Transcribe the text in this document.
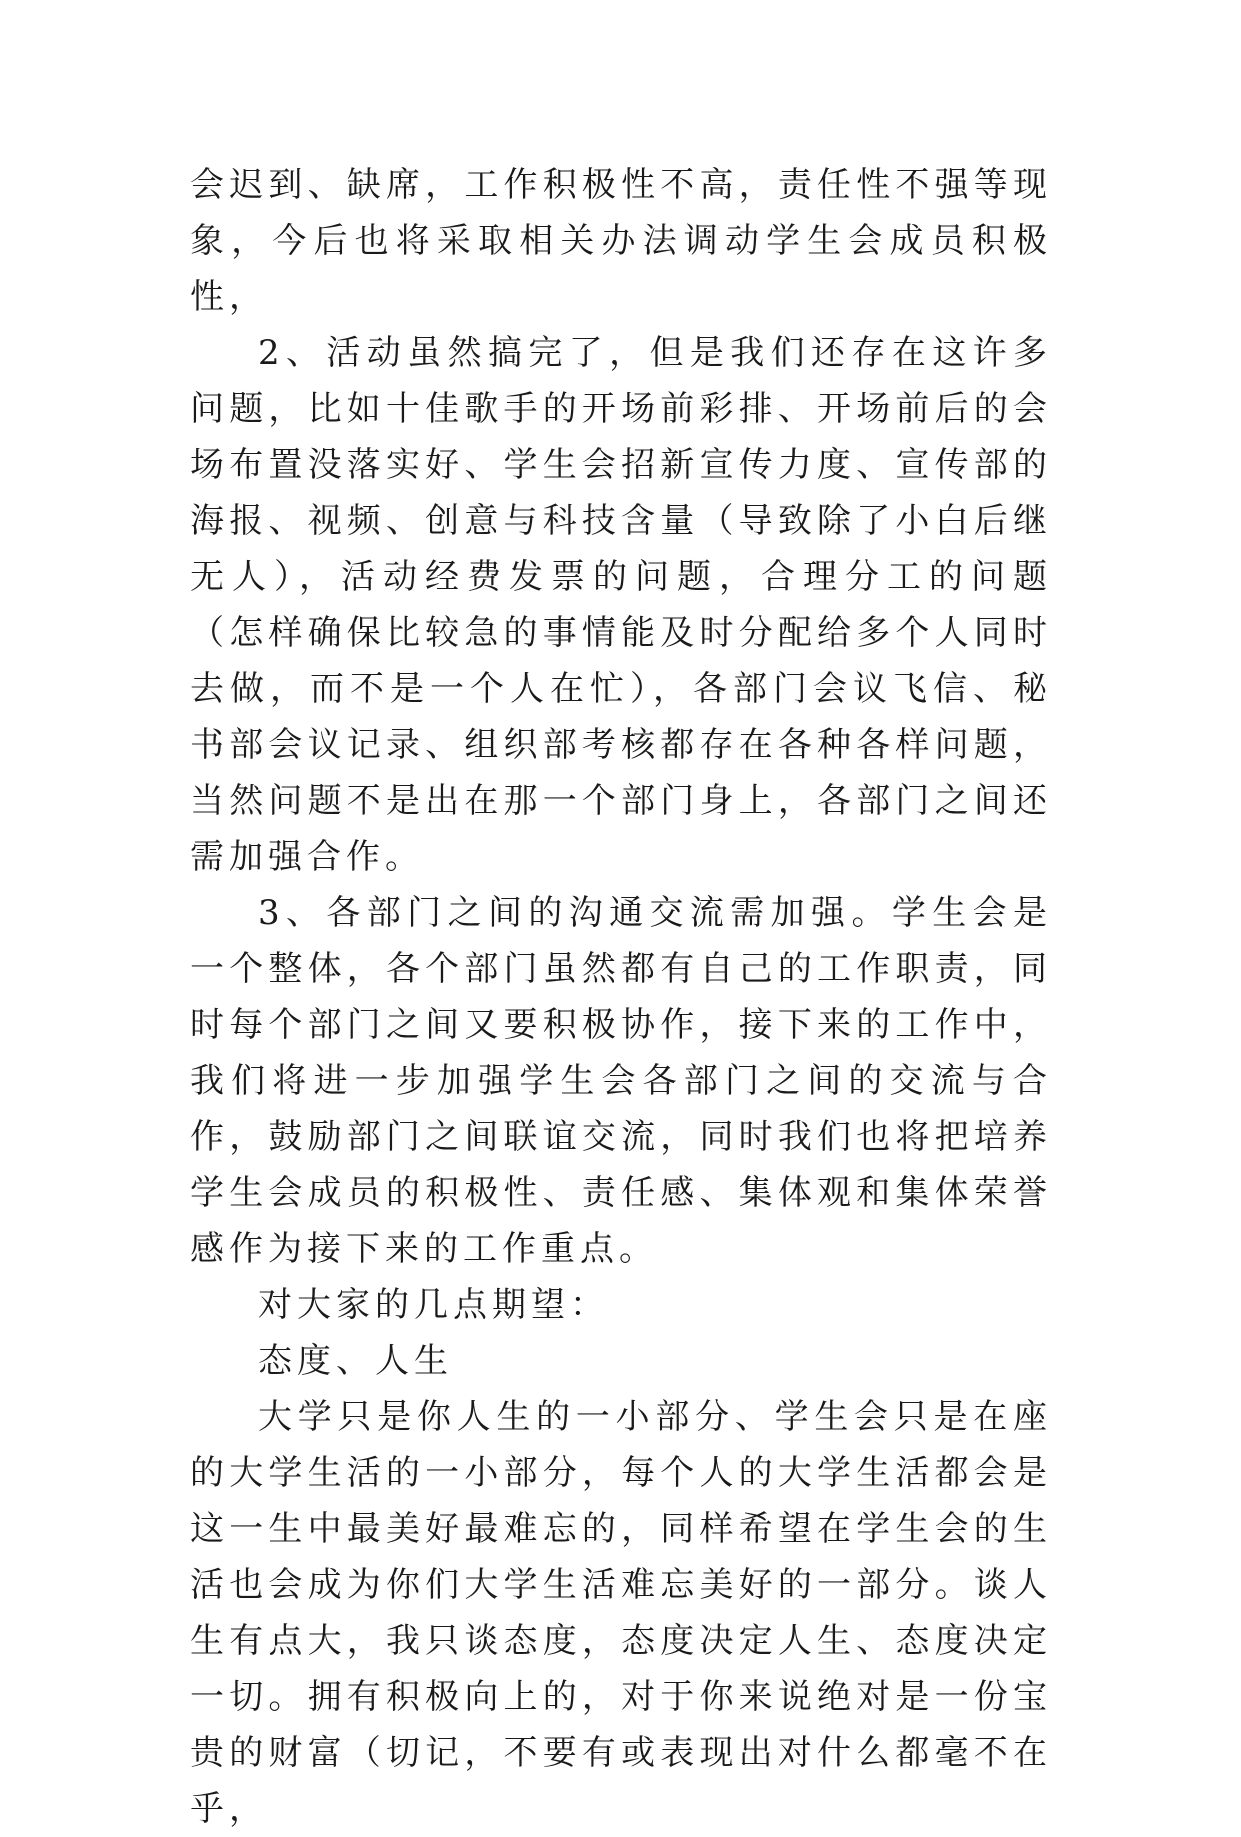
会迟到、缺席，工作积极性不高，责任性不强等现象，今后也将采取相关办法调动学生会成员积极性，

2、活动虽然搞完了，但是我们还存在这许多问题，比如十佳歌手的开场前彩排、开场前后的会场布置没落实好、学生会招新宣传力度、宣传部的海报、视频、创意与科技含量（导致除了小白后继无人），活动经费发票的问题，合理分工的问题（怎样确保比较急的事情能及时分配给多个人同时去做，而不是一个人在忙），各部门会议飞信、秘书部会议记录、组织部考核都存在各种各样问题，当然问题不是出在那一个部门身上，各部门之间还需加强合作。

3、各部门之间的沟通交流需加强。学生会是一个整体，各个部门虽然都有自己的工作职责，同时每个部门之间又要积极协作，接下来的工作中，我们将进一步加强学生会各部门之间的交流与合作，鼓励部门之间联谊交流，同时我们也将把培养学生会成员的积极性、责任感、集体观和集体荣誉感作为接下来的工作重点。

对大家的几点期望：

态度、人生

大学只是你人生的一小部分、学生会只是在座的大学生活的一小部分，每个人的大学生活都会是这一生中最美好最难忘的，同样希望在学生会的生活也会成为你们大学生活难忘美好的一部分。谈人生有点大，我只谈态度，态度决定人生、态度决定一切。拥有积极向上的，对于你来说绝对是一份宝贵的财富（切记，不要有或表现出对什么都毫不在乎，
